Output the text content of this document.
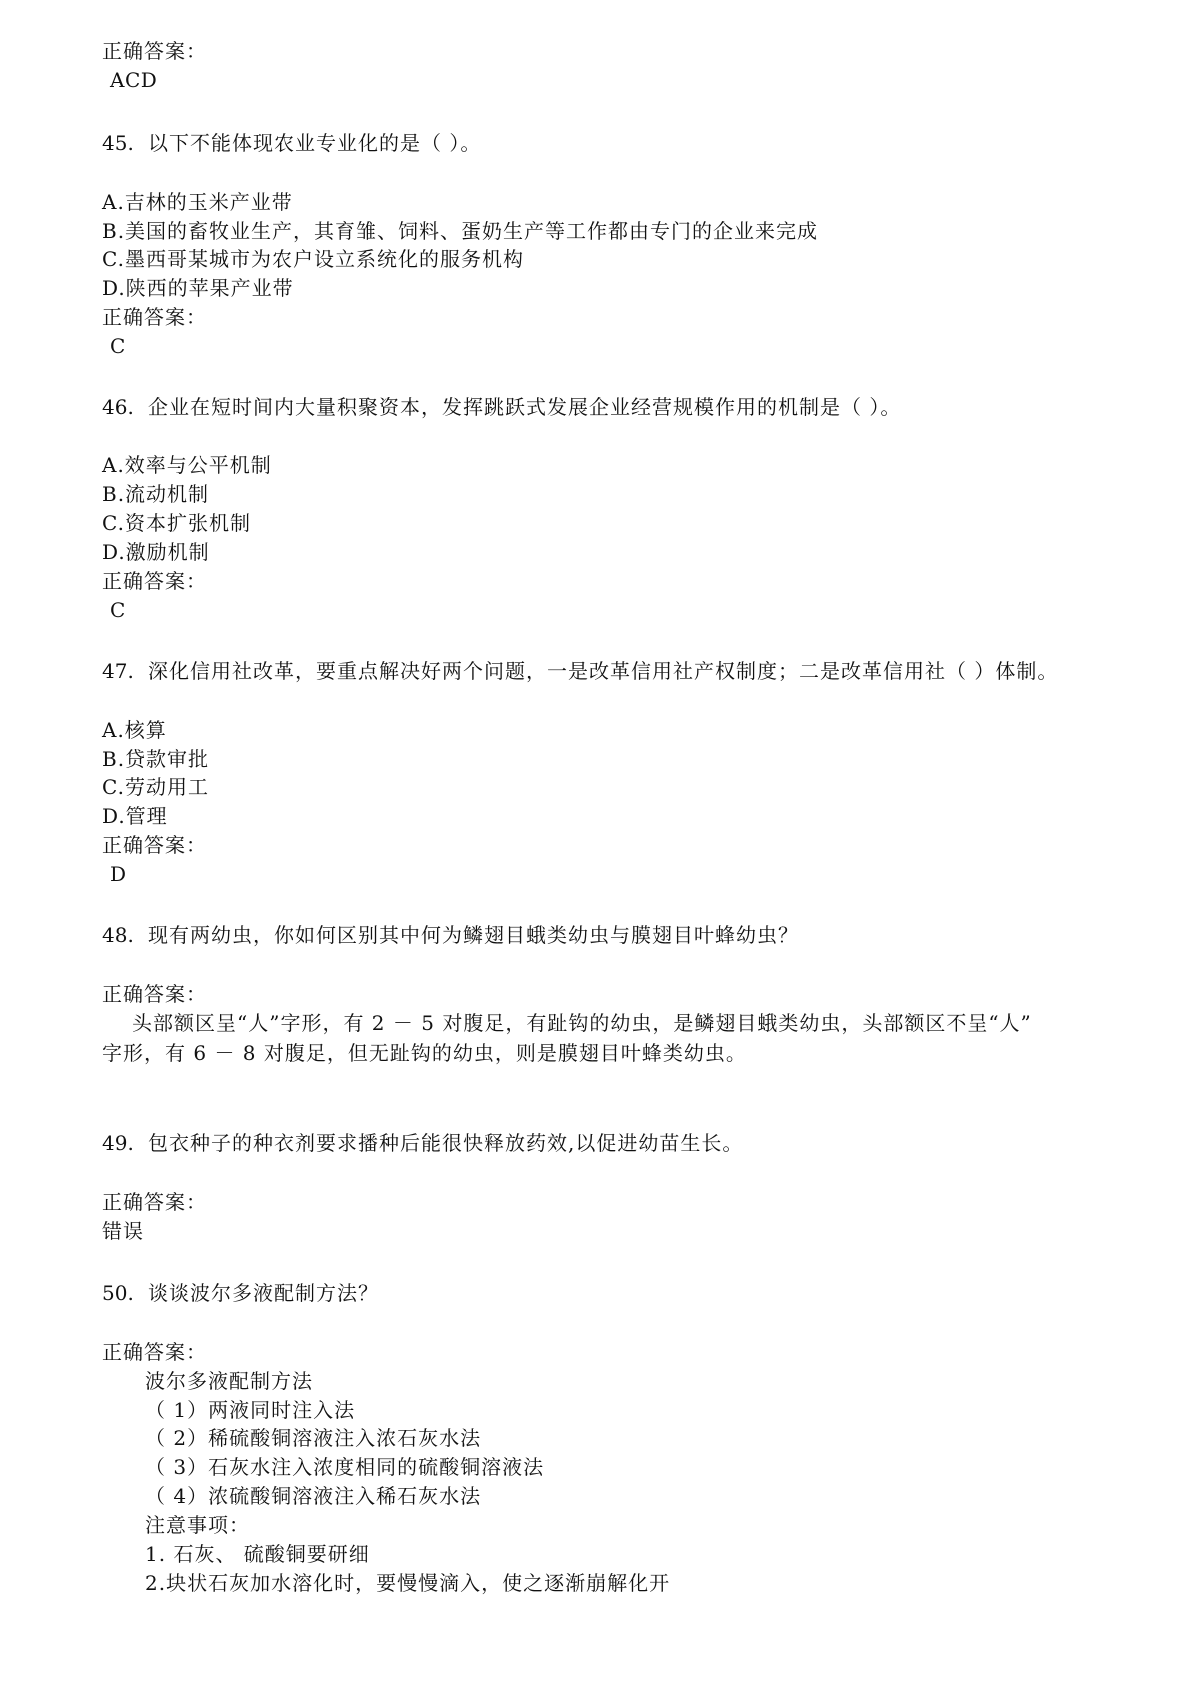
正确答案：
ACD
45. 以下不能体现农业专业化的是（ ）。
A.吉林的玉米产业带
B.美国的畜牧业生产，其育雏、饲料、蛋奶生产等工作都由专门的企业来完成
C.墨西哥某城市为农户设立系统化的服务机构
D.陕西的苹果产业带
正确答案：
C
46. 企业在短时间内大量积聚资本，发挥跳跃式发展企业经营规模作用的机制是（ ）。
A.效率与公平机制
B.流动机制
C.资本扩张机制
D.激励机制
正确答案：
C
47. 深化信用社改革，要重点解决好两个问题，一是改革信用社产权制度；二是改革信用社（ ）体制。
A.核算
B.贷款审批
C.劳动用工
D.管理
正确答案：
D
48. 现有两幼虫，你如何区别其中何为鳞翅目蛾类幼虫与膜翅目叶蜂幼虫？
正确答案：
头部额区呈“人”字形，有 2 － 5 对腹足，有趾钩的幼虫，是鳞翅目蛾类幼虫，头部额区不呈“人”
字形，有 6 － 8 对腹足，但无趾钩的幼虫，则是膜翅目叶蜂类幼虫。
49. 包衣种子的种衣剂要求播种后能很快释放药效,以促进幼苗生长。
正确答案：
错误
50. 谈谈波尔多液配制方法？
正确答案：
波尔多液配制方法
（ 1）两液同时注入法
（ 2）稀硫酸铜溶液注入浓石灰水法
（ 3）石灰水注入浓度相同的硫酸铜溶液法
（ 4）浓硫酸铜溶液注入稀石灰水法
注意事项：
1. 石灰、 硫酸铜要研细
2.块状石灰加水溶化时，要慢慢滴入，使之逐渐崩解化开
